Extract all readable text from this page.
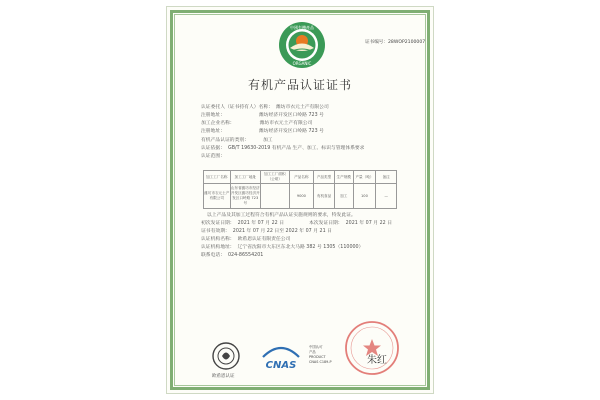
中國有機產品
ORGANIC
证书编号：28WOP2100007
有机产品认证证书
认证委托人（证书持有人）名称： 潍坊市衣元土产有限公司
注册地址：	潍坊经济开发区口岭路 723 号
加工企业名称：	潍坊市衣元土产有限公司
注册地址：	潍坊经济开发区口岭路 723 号
有机产品认证的类别：	加工
认证依据： GB/T 19630-2019 有机产品 生产、加工、标识与管理体系要求
认证范围：
加工工厂名称	加工工厂地址	加工工厂面积（公顷）	产品名称	产品类型	生产规模	产量（吨）	备注
潍坊市衣元土产有限公司	山东省潍坊市经济开发区潍坊经济开发区口岭路 723 号		9000	有机食品	加工	100	—
以上产品及其加工过程符合有机产品认证实施规则的要求，特发此证。
初次发证日期： 2021 年 07 月 22 日	本次发证日期： 2021 年 07 月 22 日
证书有效期： 2021 年 07 月 22 日至 2022 年 07 月 21 日
认证机构名称： 欧希恩认证有限责任公司
认证机构地址： 辽宁省沈阳市大东区东北大马路 382 号 1305（110000）
联系电话： 024-86554201
欧希恩认证
CNAS
中国认可
产品
PRODUCT
CNAS C189-P	朱红
